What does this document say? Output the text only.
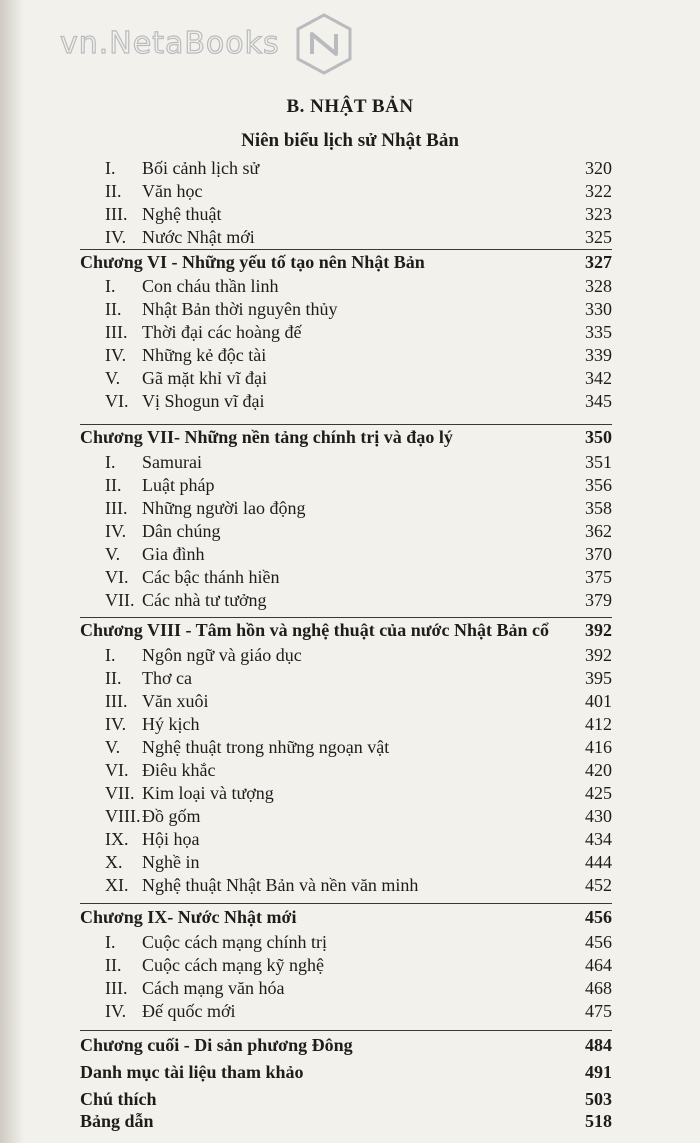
vn.NetaBooks
B. NHẬT BẢN
Niên biểu lịch sử Nhật Bản
I. Bối cảnh lịch sử	320
II. Văn học	322
III. Nghệ thuật	323
IV. Nước Nhật mới	325
Chương VI - Những yếu tố tạo nên Nhật Bản	327
I. Con cháu thần linh	328
II. Nhật Bản thời nguyên thủy	330
III. Thời đại các hoàng đế	335
IV. Những kẻ độc tài	339
V. Gã mặt khỉ vĩ đại	342
VI. Vị Shogun vĩ đại	345
Chương VII- Những nền tảng chính trị và đạo lý	350
I. Samurai	351
II. Luật pháp	356
III. Những người lao động	358
IV. Dân chúng	362
V. Gia đình	370
VI. Các bậc thánh hiền	375
VII. Các nhà tư tưởng	379
Chương VIII - Tâm hồn và nghệ thuật của nước Nhật Bản cổ 392
I. Ngôn ngữ và giáo dục	392
II. Thơ ca	395
III. Văn xuôi	401
IV. Hý kịch	412
V. Nghệ thuật trong những ngoạn vật	416
VI. Điêu khắc	420
VII. Kim loại và tượng	425
VIII. Đồ gốm	430
IX. Hội họa	434
X. Nghề in	444
XI. Nghệ thuật Nhật Bản và nền văn minh	452
Chương IX- Nước Nhật mới	456
I. Cuộc cách mạng chính trị	456
II. Cuộc cách mạng kỹ nghệ	464
III. Cách mạng văn hóa	468
IV. Đế quốc mới	475
Chương cuối - Di sản phương Đông	484
Danh mục tài liệu tham khảo	491
Chú thích	503
Bảng dẫn	518
